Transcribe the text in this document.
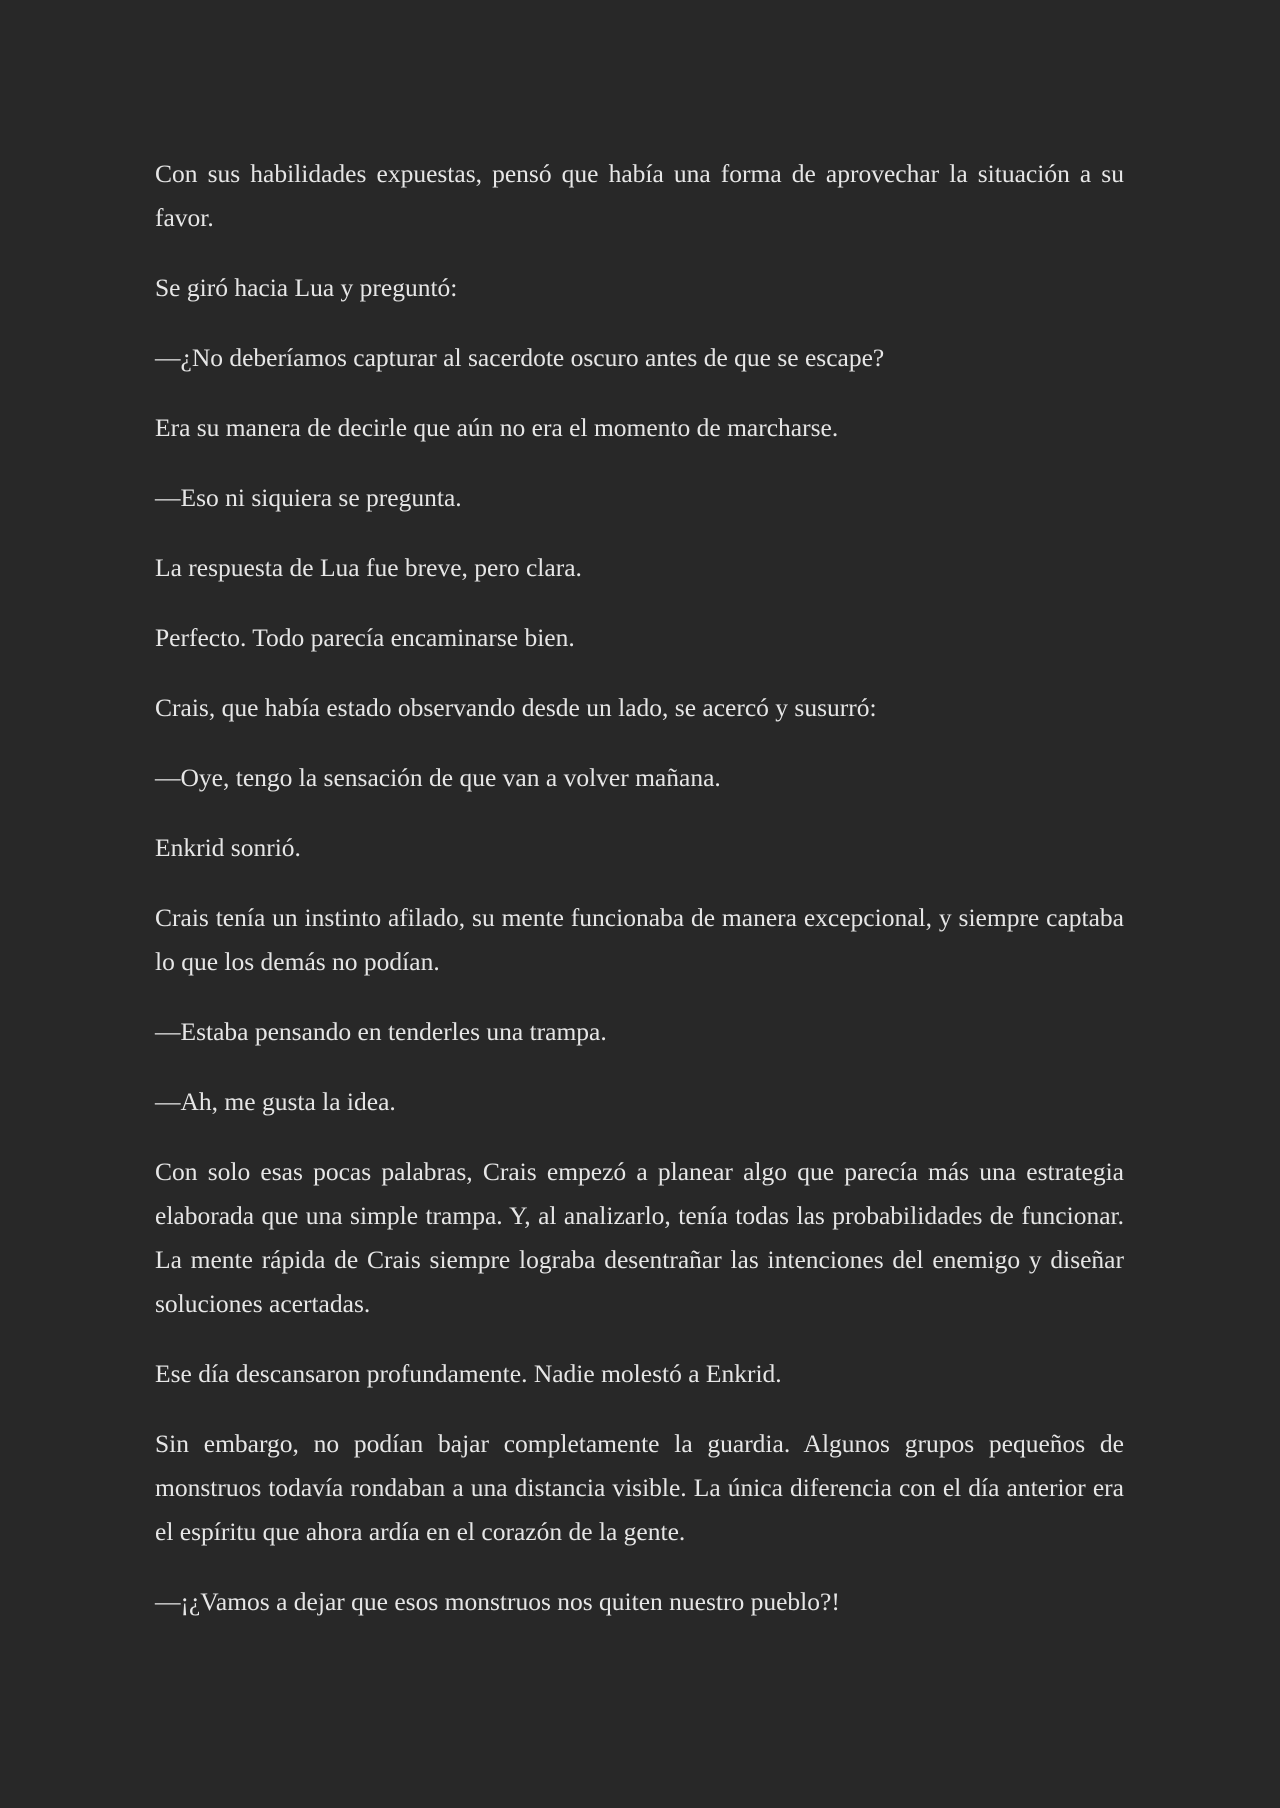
Con sus habilidades expuestas, pensó que había una forma de aprovechar la situación a su favor.

Se giró hacia Lua y preguntó:

—¿No deberíamos capturar al sacerdote oscuro antes de que se escape?

Era su manera de decirle que aún no era el momento de marcharse.

—Eso ni siquiera se pregunta.

La respuesta de Lua fue breve, pero clara.

Perfecto. Todo parecía encaminarse bien.

Crais, que había estado observando desde un lado, se acercó y susurró:

—Oye, tengo la sensación de que van a volver mañana.

Enkrid sonrió.

Crais tenía un instinto afilado, su mente funcionaba de manera excepcional, y siempre captaba lo que los demás no podían.

—Estaba pensando en tenderles una trampa.

—Ah, me gusta la idea.

Con solo esas pocas palabras, Crais empezó a planear algo que parecía más una estrategia elaborada que una simple trampa. Y, al analizarlo, tenía todas las probabilidades de funcionar. La mente rápida de Crais siempre lograba desentrañar las intenciones del enemigo y diseñar soluciones acertadas.

Ese día descansaron profundamente. Nadie molestó a Enkrid.

Sin embargo, no podían bajar completamente la guardia. Algunos grupos pequeños de monstruos todavía rondaban a una distancia visible. La única diferencia con el día anterior era el espíritu que ahora ardía en el corazón de la gente.

—¡¿Vamos a dejar que esos monstruos nos quiten nuestro pueblo?!
